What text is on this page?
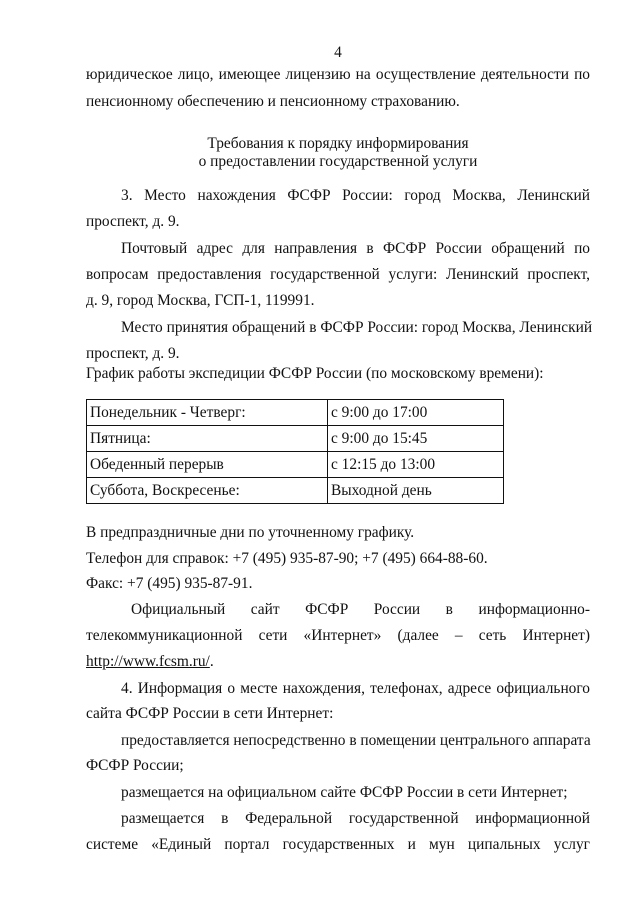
4
юридическое лицо, имеющее лицензию на осуществление деятельности по
пенсионному обеспечению и пенсионному страхованию.
Требования к порядку информирования
о предоставлении государственной услуги
3. Место нахождения ФСФР России: город Москва, Ленинский
проспект, д. 9.
Почтовый адрес для направления в ФСФР России обращений по
вопросам предоставления государственной услуги: Ленинский проспект,
д. 9, город Москва, ГСП-1, 119991.
Место принятия обращений в ФСФР России: город Москва, Ленинский
проспект, д. 9.
График работы экспедиции ФСФР России (по московскому времени):
Понедельник - Четверг:	с 9:00 до 17:00
Пятница:	с 9:00 до 15:45
Обеденный перерыв	с 12:15 до 13:00
Суббота, Воскресенье:	Выходной день
В предпраздничные дни по уточненному графику.
Телефон для справок: +7 (495) 935-87-90; +7 (495) 664-88-60.
Факс: +7 (495) 935-87-91.
Официальный сайт ФСФР России в информационно-
телекоммуникационной сети «Интернет» (далее – сеть Интернет)
http://www.fcsm.ru/.
4. Информация о месте нахождения, телефонах, адресе официального
сайта ФСФР России в сети Интернет:
предоставляется непосредственно в помещении центрального аппарата
ФСФР России;
размещается на официальном сайте ФСФР России в сети Интернет;
размещается в Федеральной государственной информационной
системе «Единый портал государственных и мун ципальных услуг
